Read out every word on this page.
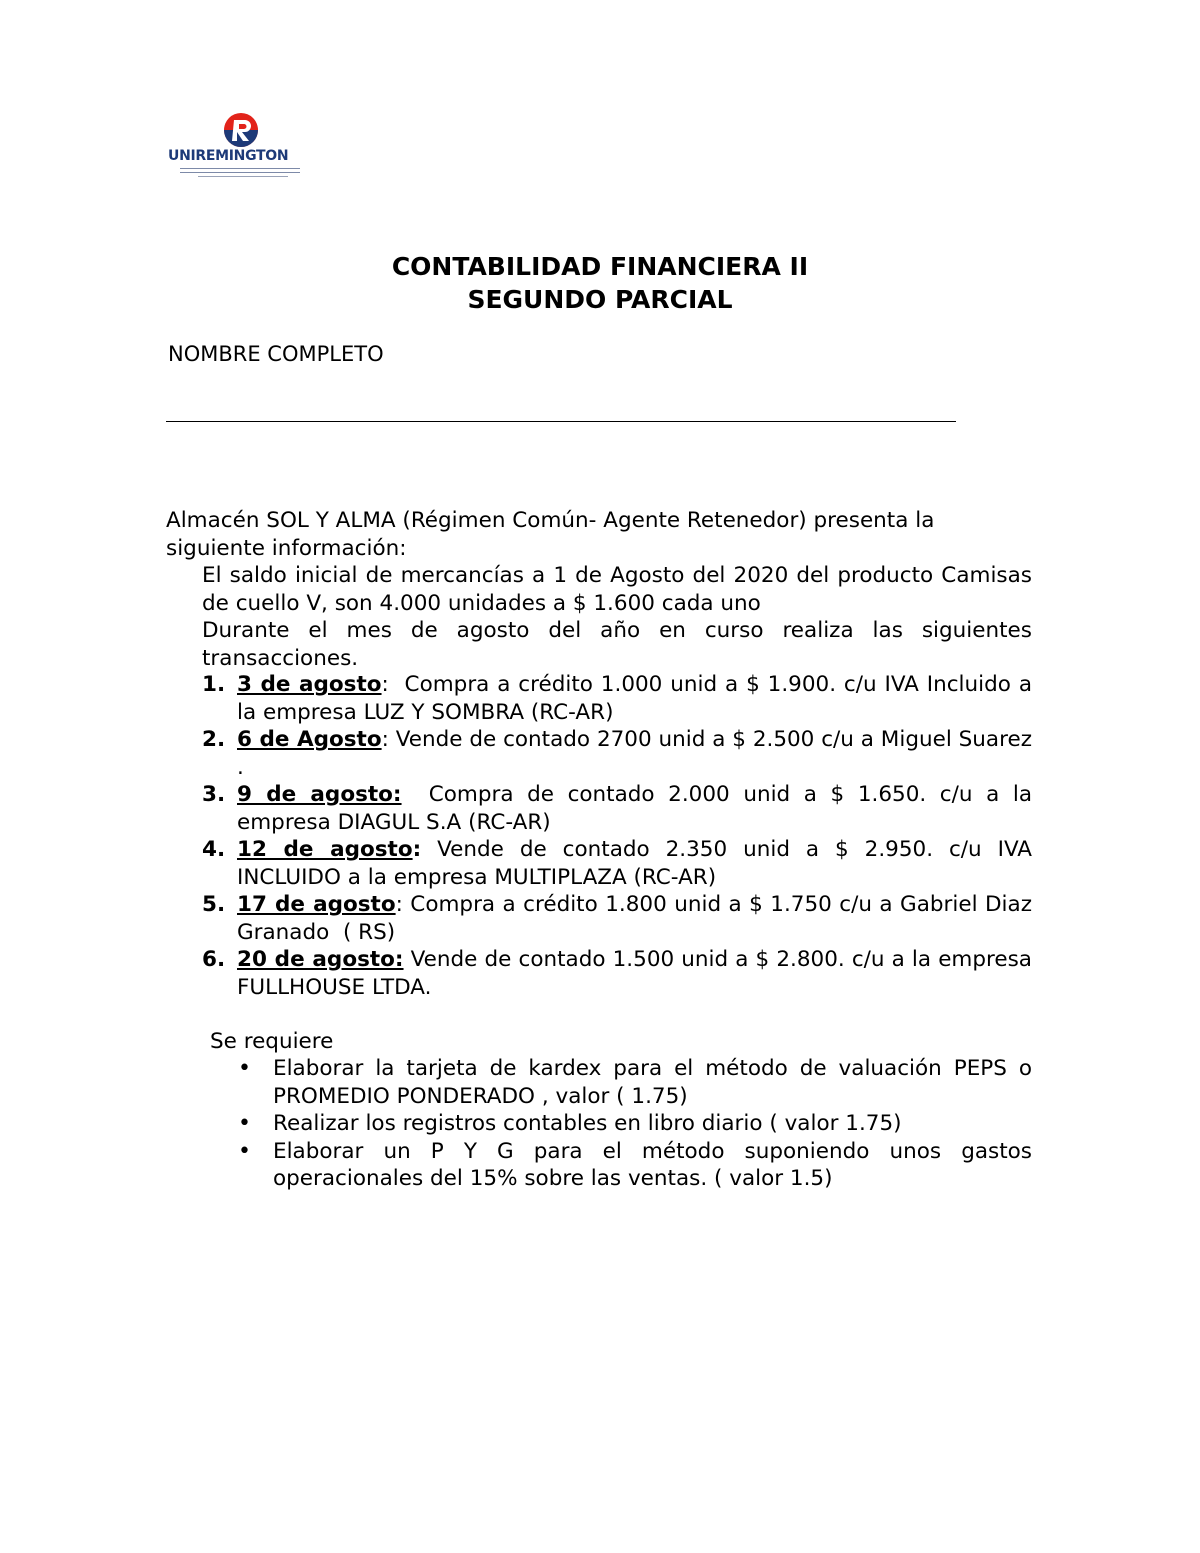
UNIREMINGTON
CONTABILIDAD FINANCIERA II
SEGUNDO PARCIAL
NOMBRE COMPLETO

Almacén SOL Y ALMA (Régimen Común- Agente Retenedor) presenta la

siguiente información:

El saldo inicial de mercancías a 1 de Agosto del 2020 del producto Camisas de cuello V, son 4.000 unidades a $ 1.600 cada uno

Durante el mes de agosto del año en curso realiza las siguientes transacciones.

1. 3 de agosto:  Compra a crédito 1.000 unid a $ 1.900. c/u IVA Incluido a la empresa LUZ Y SOMBRA (RC-AR)
2. 6 de Agosto: Vende de contado 2700 unid a $ 2.500 c/u a Miguel Suarez .
3. 9 de agosto:  Compra de contado 2.000 unid a $ 1.650. c/u a la empresa DIAGUL S.A (RC-AR)
4. 12 de agosto: Vende de contado 2.350 unid a $ 2.950. c/u IVA INCLUIDO a la empresa MULTIPLAZA (RC-AR)
5. 17 de agosto: Compra a crédito 1.800 unid a $ 1.750 c/u a Gabriel Diaz Granado  ( RS)
6. 20 de agosto: Vende de contado 1.500 unid a $ 2.800. c/u a la empresa FULLHOUSE LTDA.
Se requiere
• Elaborar la tarjeta de kardex para el método de valuación PEPS o PROMEDIO PONDERADO , valor ( 1.75)
• Realizar los registros contables en libro diario ( valor 1.75)
• Elaborar un P Y G para el método suponiendo unos gastos operacionales del 15% sobre las ventas. ( valor 1.5)
